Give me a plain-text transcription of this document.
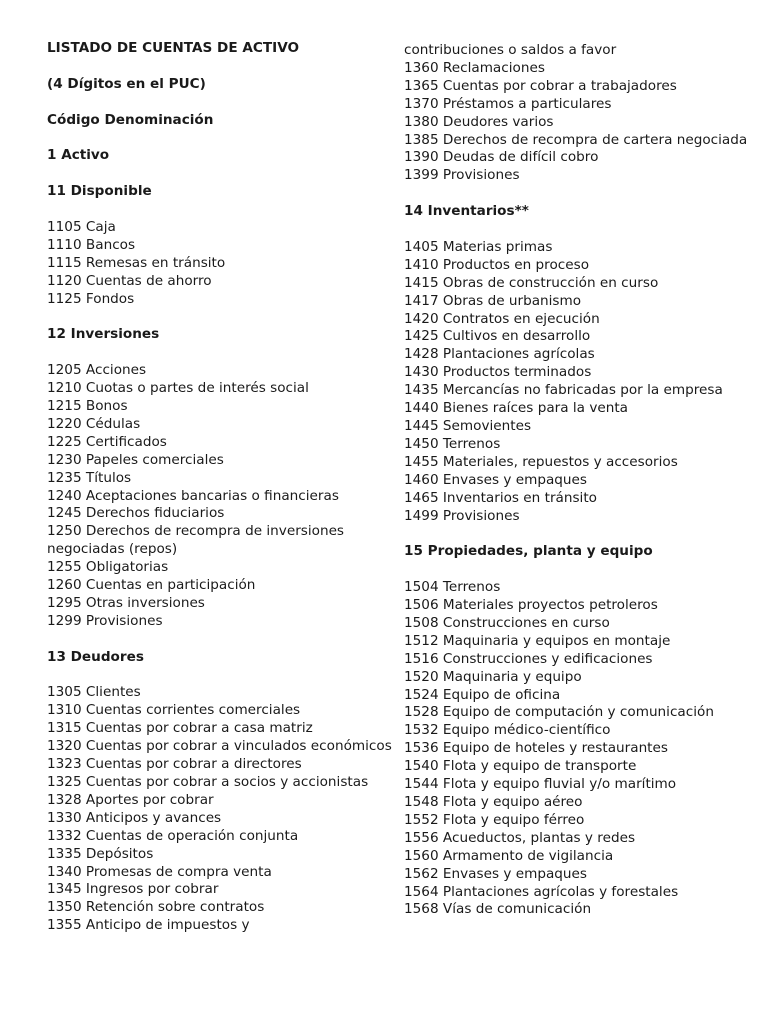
LISTADO DE CUENTAS DE ACTIVO
(4 Dígitos en el PUC)
Código Denominación
1 Activo
11 Disponible
1105 Caja
1110 Bancos
1115 Remesas en tránsito
1120 Cuentas de ahorro
1125 Fondos
12 Inversiones
1205 Acciones
1210 Cuotas o partes de interés social
1215 Bonos
1220 Cédulas
1225 Certificados
1230 Papeles comerciales
1235 Títulos
1240 Aceptaciones bancarias o financieras
1245 Derechos fiduciarios
1250 Derechos de recompra de inversiones negociadas (repos)
1255 Obligatorias
1260 Cuentas en participación
1295 Otras inversiones
1299 Provisiones
13 Deudores
1305 Clientes
1310 Cuentas corrientes comerciales
1315 Cuentas por cobrar a casa matriz
1320 Cuentas por cobrar a vinculados económicos
1323 Cuentas por cobrar a directores
1325 Cuentas por cobrar a socios y accionistas
1328 Aportes por cobrar
1330 Anticipos y avances
1332 Cuentas de operación conjunta
1335 Depósitos
1340 Promesas de compra venta
1345 Ingresos por cobrar
1350 Retención sobre contratos
1355 Anticipo de impuestos y
contribuciones o saldos a favor
1360 Reclamaciones
1365 Cuentas por cobrar a trabajadores
1370 Préstamos a particulares
1380 Deudores varios
1385 Derechos de recompra de cartera negociada
1390 Deudas de difícil cobro
1399 Provisiones
14 Inventarios**
1405 Materias primas
1410 Productos en proceso
1415 Obras de construcción en curso
1417 Obras de urbanismo
1420 Contratos en ejecución
1425 Cultivos en desarrollo
1428 Plantaciones agrícolas
1430 Productos terminados
1435 Mercancías no fabricadas por la empresa
1440 Bienes raíces para la venta
1445 Semovientes
1450 Terrenos
1455 Materiales, repuestos y accesorios
1460 Envases y empaques
1465 Inventarios en tránsito
1499 Provisiones
15 Propiedades, planta y equipo
1504 Terrenos
1506 Materiales proyectos petroleros
1508 Construcciones en curso
1512 Maquinaria y equipos en montaje
1516 Construcciones y edificaciones
1520 Maquinaria y equipo
1524 Equipo de oficina
1528 Equipo de computación y comunicación
1532 Equipo médico-científico
1536 Equipo de hoteles y restaurantes
1540 Flota y equipo de transporte
1544 Flota y equipo fluvial y/o marítimo
1548 Flota y equipo aéreo
1552 Flota y equipo férreo
1556 Acueductos, plantas y redes
1560 Armamento de vigilancia
1562 Envases y empaques
1564 Plantaciones agrícolas y forestales
1568 Vías de comunicación
